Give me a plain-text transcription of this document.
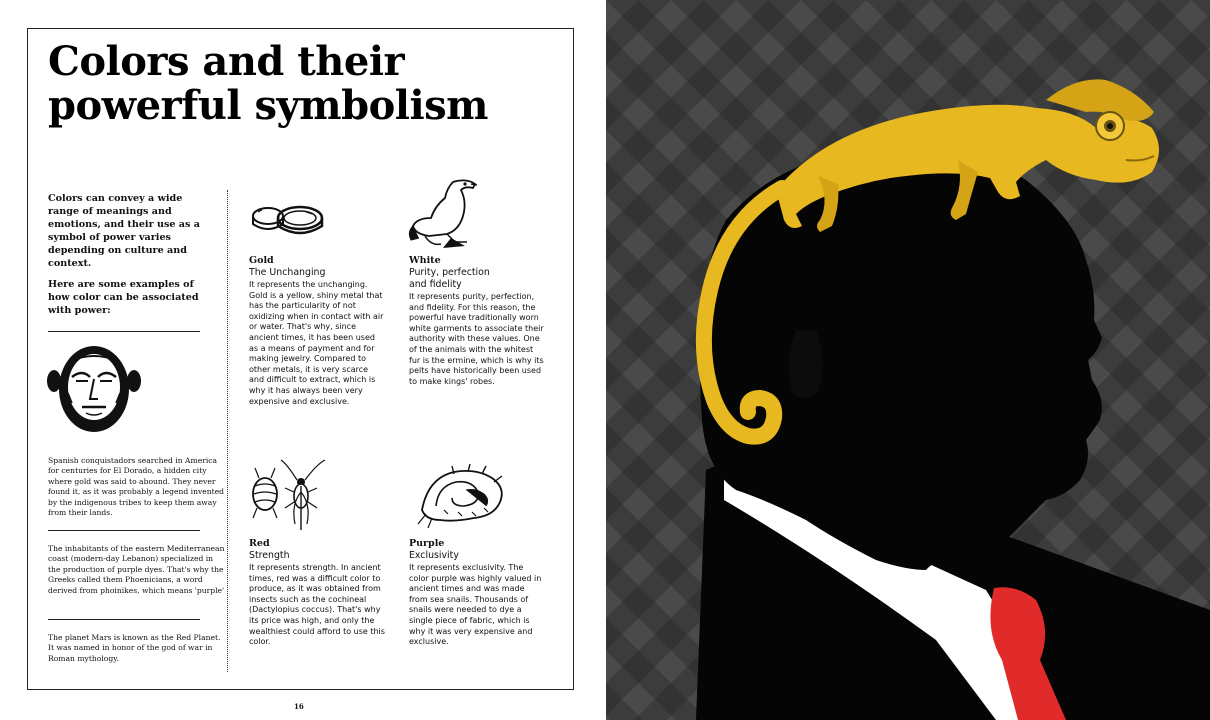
Colors and their
powerful symbolism

Colors can convey a wide range of meanings and emotions, and their use as a symbol of power varies depending on culture and context.

Here are some examples of how color can be associated with power:

Spanish conquistadors searched in America for centuries for El Dorado, a hidden city where gold was said to abound. They never found it, as it was probably a legend invented by the indigenous tribes to keep them away from their lands.
The inhabitants of the eastern Mediterranean coast (modern-day Lebanon) specialized in the production of purple dyes. That's why the Greeks called them Phoenicians, a word derived from phoinikes, which means 'purple'
The planet Mars is known as the Red Planet. It was named in honor of the god of war in Roman mythology.
Gold
The Unchanging
It represents the unchanging. Gold is a yellow, shiny metal that has the particularity of not oxidizing when in contact with air or water. That's why, since ancient times, it has been used as a means of payment and for making jewelry. Compared to other metals, it is very scarce and difficult to extract, which is why it has always been very expensive and exclusive.
White
Purity, perfection
and fidelity
It represents purity, perfection, and fidelity. For this reason, the powerful have traditionally worn white garments to associate their authority with these values. One of the animals with the whitest fur is the ermine, which is why its pelts have historically been used to make kings' robes.
Red
Strength
It represents strength. In ancient times, red was a difficult color to produce, as it was obtained from insects such as the cochineal (Dactylopius coccus). That's why its price was high, and only the wealthiest could afford to use this color.
Purple
Exclusivity
It represents exclusivity. The color purple was highly valued in ancient times and was made from sea snails. Thousands of snails were needed to dye a single piece of fabric, which is why it was very expensive and exclusive.
16
